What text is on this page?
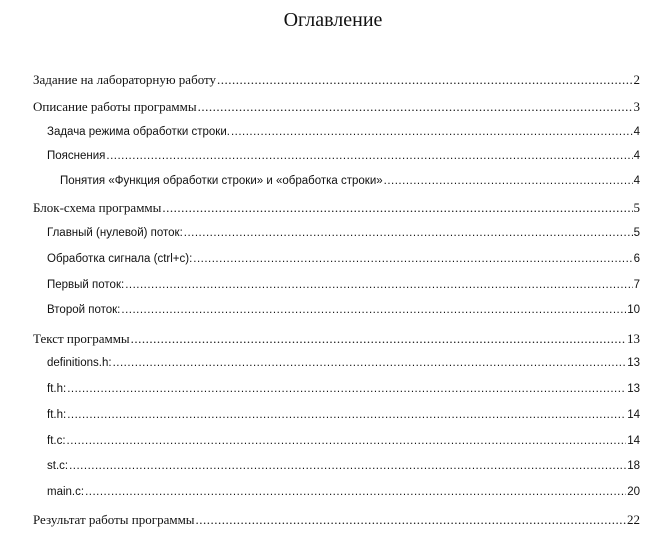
Оглавление
Задание на лабораторную работу .....	2
Описание работы программы .....	3
Задача режима обработки строки. .....	4
Пояснения .....	4
Понятия «Функция обработки строки» и «обработка строки» .....	4
Блок-схема программы .....	5
Главный (нулевой) поток: .....	5
Обработка сигнала (ctrl+c): .....	6
Первый поток: .....	7
Второй поток: .....	10
Текст программы .....	13
definitions.h: .....	13
ft.h: .....	13
ft.h: .....	14
ft.c: .....	14
st.c: .....	18
main.c: .....	20
Результат работы программы .....	22
